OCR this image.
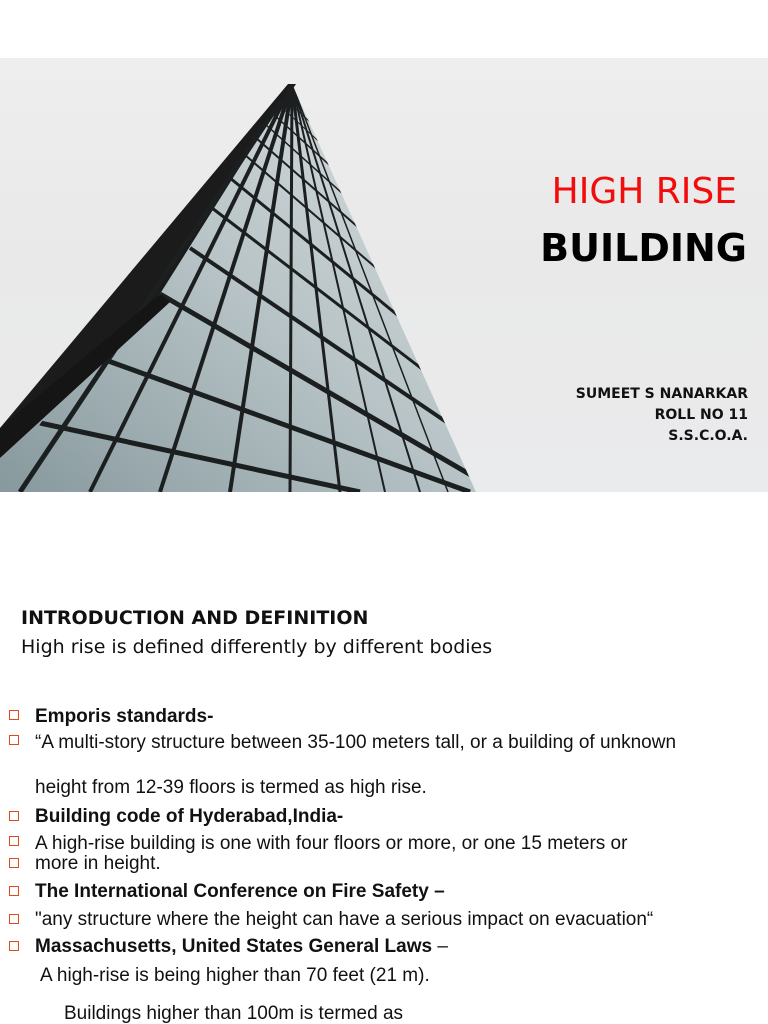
HIGH RISE
BUILDING
SUMEET S NANARKAR
ROLL NO 11
S.S.C.O.A.
INTRODUCTION AND DEFINITION
High rise is defined differently by different bodies
Emporis standards-
“A multi-story structure between 35-100 meters tall, or a building of unknown
height from 12-39 floors is termed as high rise.
Building code of Hyderabad,India-
A high-rise building is one with four floors or more, or one 15 meters or
more in height.
The International Conference on Fire Safety –
"any structure where the height can have a serious impact on evacuation“
Massachusetts, United States General Laws –
A high-rise is being higher than 70 feet (21 m).
Buildings higher than 100m is termed as
